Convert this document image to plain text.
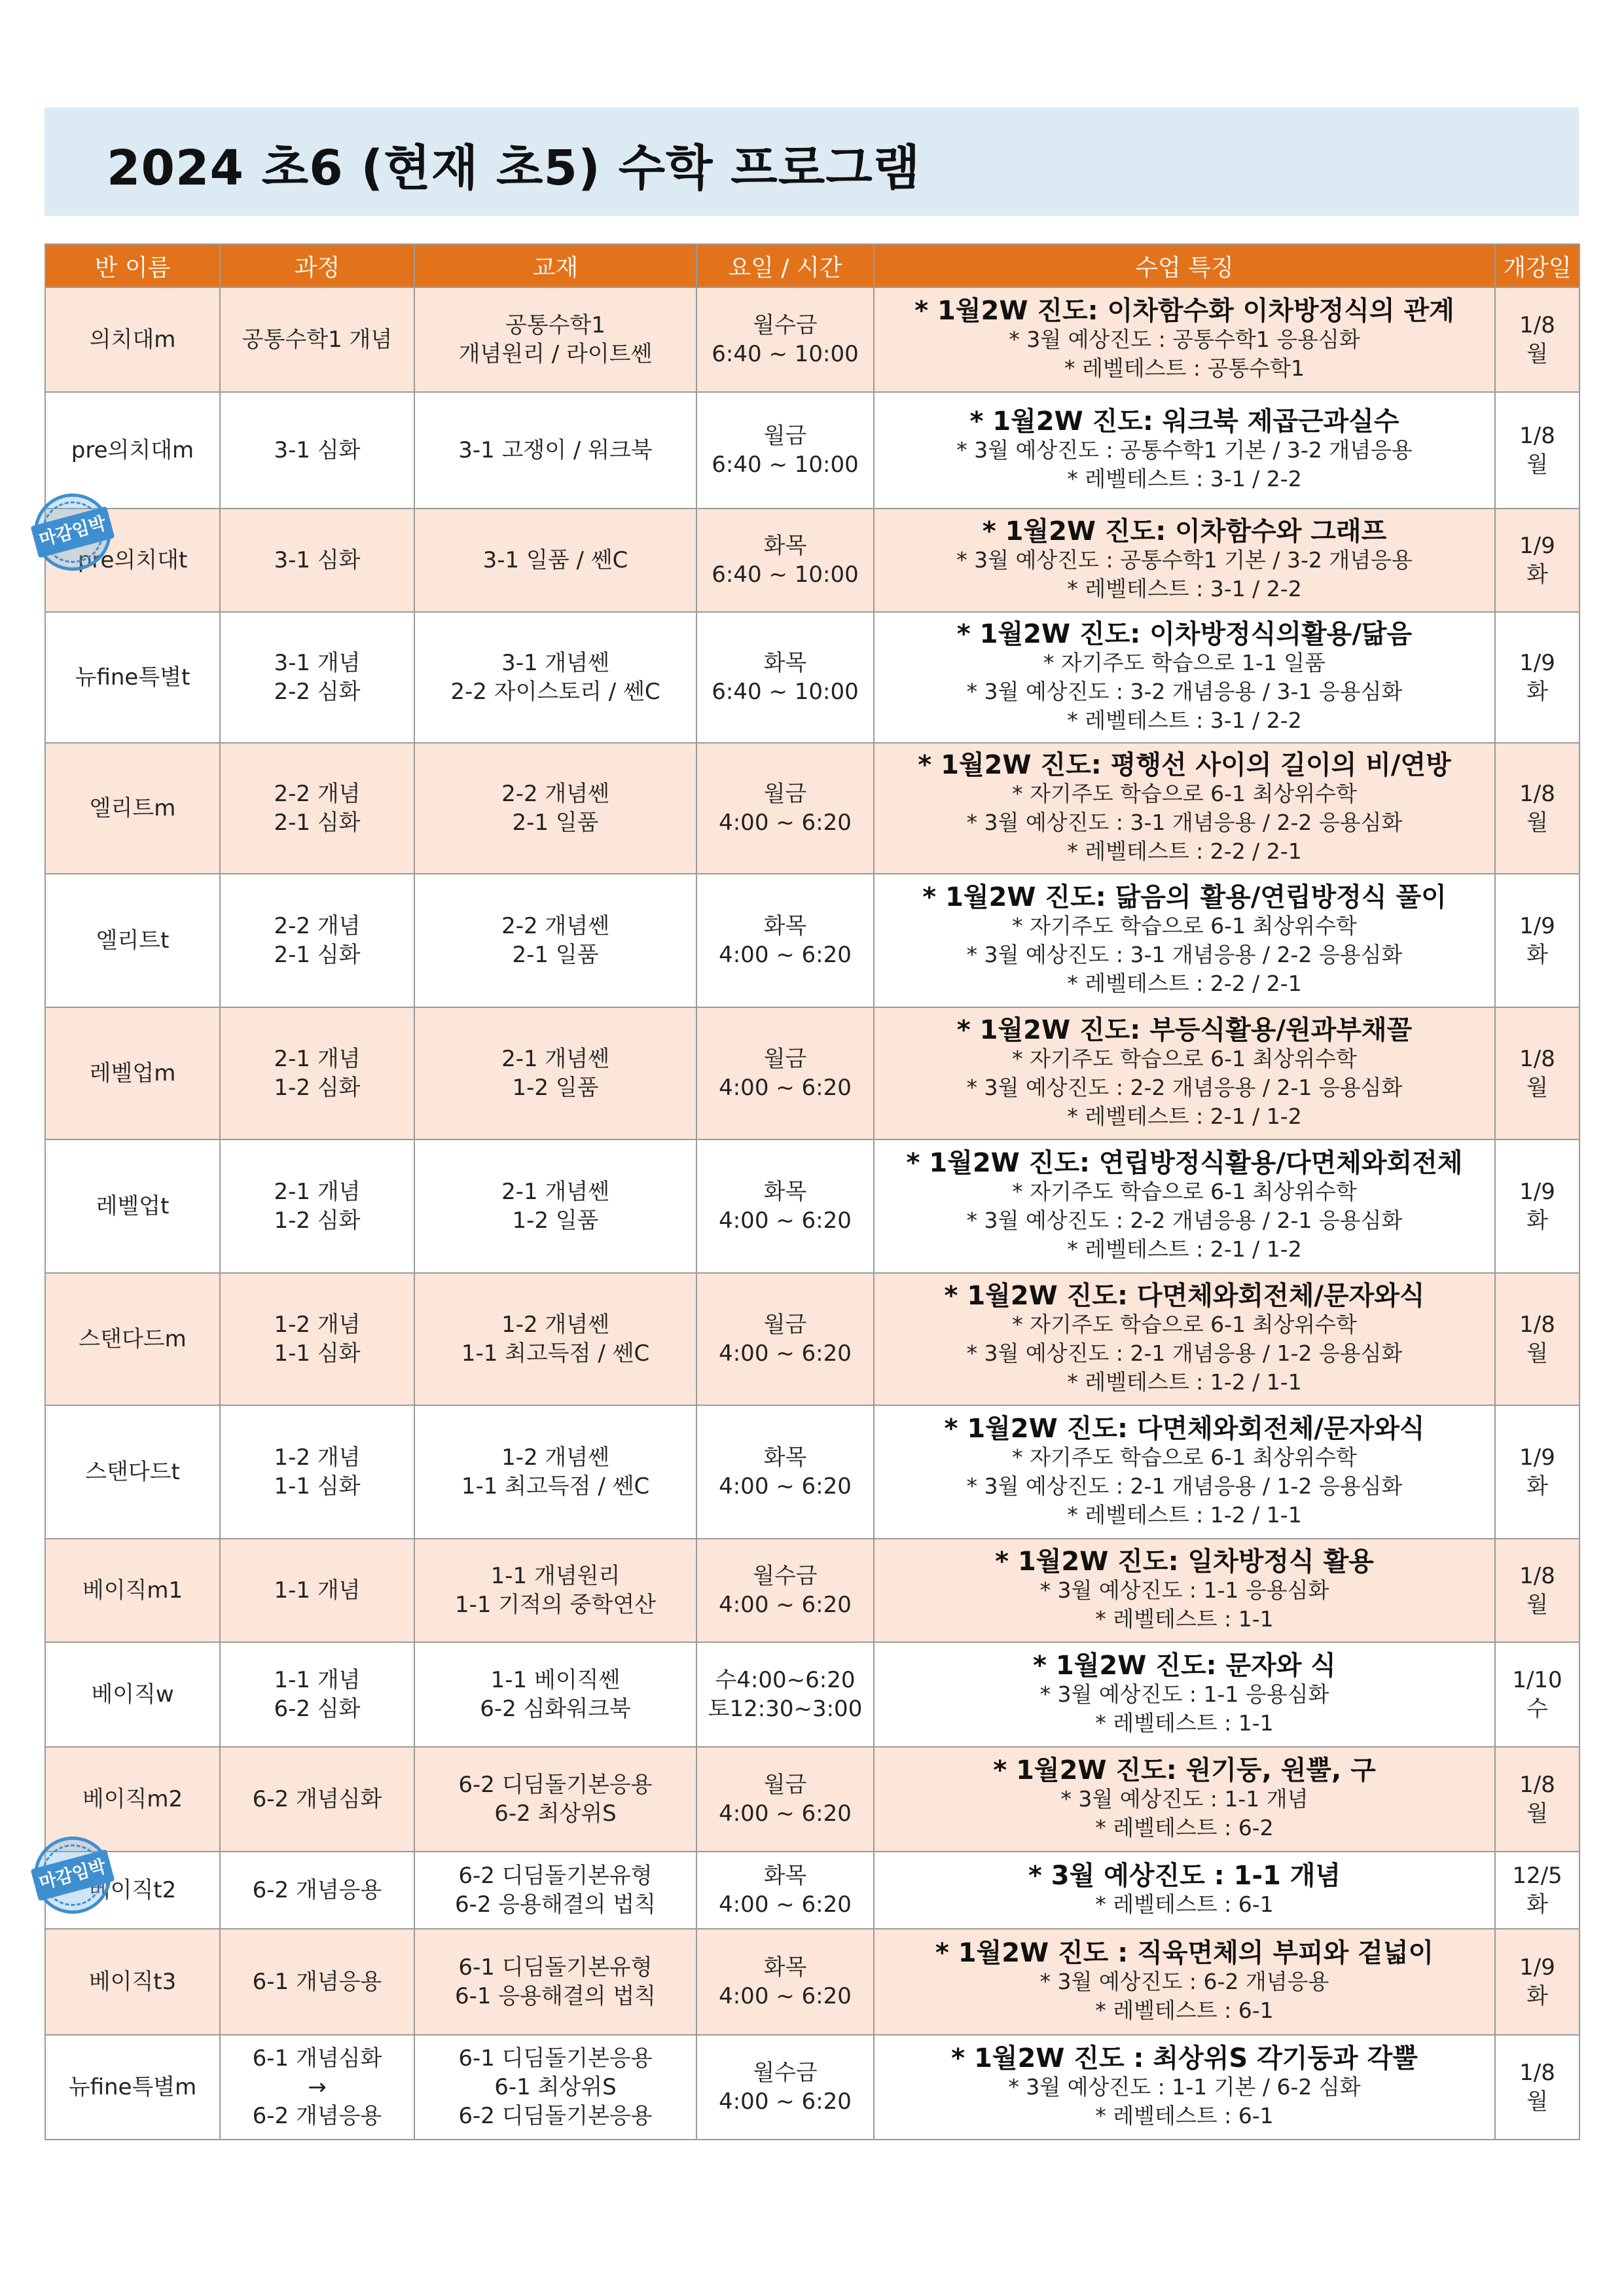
2024 초6 (현재 초5) 수학 프로그램
반 이름	과정	교재	요일 / 시간	수업 특징	개강일

의치대m	공통수학1 개념	공통수학1
개념원리 / 라이트쎈	월수금
6:40 ~ 10:00	* 1월2W 진도: 이차함수화 이차방정식의 관계
* 3월 예상진도 : 공통수학1 응용심화
* 레벨테스트 : 공통수학1	1/8
월

pre의치대m	3-1 심화	3-1 고쟁이 / 워크북	월금
6:40 ~ 10:00	* 1월2W 진도: 워크북 제곱근과실수
* 3월 예상진도 : 공통수학1 기본 / 3-2 개념응용
* 레벨테스트 : 3-1 / 2-2	1/8
월

pre의치대t
마감임박	3-1 심화	3-1 일품 / 쎈C	화목
6:40 ~ 10:00	* 1월2W 진도: 이차함수와 그래프
* 3월 예상진도 : 공통수학1 기본 / 3-2 개념응용
* 레벨테스트 : 3-1 / 2-2	1/9
화

뉴fine특별t	3-1 개념
2-2 심화	3-1 개념쎈
2-2 자이스토리 / 쎈C	화목
6:40 ~ 10:00	* 1월2W 진도: 이차방정식의활용/닮음
* 자기주도 학습으로 1-1 일품
* 3월 예상진도 : 3-2 개념응용 / 3-1 응용심화
* 레벨테스트 : 3-1 / 2-2	1/9
화

엘리트m	2-2 개념
2-1 심화	2-2 개념쎈
2-1 일품	월금
4:00 ~ 6:20	* 1월2W 진도: 평행선 사이의 길이의 비/연방
* 자기주도 학습으로 6-1 최상위수학
* 3월 예상진도 : 3-1 개념응용 / 2-2 응용심화
* 레벨테스트 : 2-2 / 2-1	1/8
월

엘리트t	2-2 개념
2-1 심화	2-2 개념쎈
2-1 일품	화목
4:00 ~ 6:20	* 1월2W 진도: 닮음의 활용/연립방정식 풀이
* 자기주도 학습으로 6-1 최상위수학
* 3월 예상진도 : 3-1 개념응용 / 2-2 응용심화
* 레벨테스트 : 2-2 / 2-1	1/9
화

레벨업m	2-1 개념
1-2 심화	2-1 개념쎈
1-2 일품	월금
4:00 ~ 6:20	* 1월2W 진도: 부등식활용/원과부채꼴
* 자기주도 학습으로 6-1 최상위수학
* 3월 예상진도 : 2-2 개념응용 / 2-1 응용심화
* 레벨테스트 : 2-1 / 1-2	1/8
월

레벨업t	2-1 개념
1-2 심화	2-1 개념쎈
1-2 일품	화목
4:00 ~ 6:20	* 1월2W 진도: 연립방정식활용/다면체와회전체
* 자기주도 학습으로 6-1 최상위수학
* 3월 예상진도 : 2-2 개념응용 / 2-1 응용심화
* 레벨테스트 : 2-1 / 1-2	1/9
화

스탠다드m	1-2 개념
1-1 심화	1-2 개념쎈
1-1 최고득점 / 쎈C	월금
4:00 ~ 6:20	* 1월2W 진도: 다면체와회전체/문자와식
* 자기주도 학습으로 6-1 최상위수학
* 3월 예상진도 : 2-1 개념응용 / 1-2 응용심화
* 레벨테스트 : 1-2 / 1-1	1/8
월

스탠다드t	1-2 개념
1-1 심화	1-2 개념쎈
1-1 최고득점 / 쎈C	화목
4:00 ~ 6:20	* 1월2W 진도: 다면체와회전체/문자와식
* 자기주도 학습으로 6-1 최상위수학
* 3월 예상진도 : 2-1 개념응용 / 1-2 응용심화
* 레벨테스트 : 1-2 / 1-1	1/9
화

베이직m1	1-1 개념	1-1 개념원리
1-1 기적의 중학연산	월수금
4:00 ~ 6:20	* 1월2W 진도: 일차방정식 활용
* 3월 예상진도 : 1-1 응용심화
* 레벨테스트 : 1-1	1/8
월

베이직w	1-1 개념
6-2 심화	1-1 베이직쎈
6-2 심화워크북	수4:00~6:20
토12:30~3:00	* 1월2W 진도: 문자와 식
* 3월 예상진도 : 1-1 응용심화
* 레벨테스트 : 1-1	1/10
수

베이직m2	6-2 개념심화	6-2 디딤돌기본응용
6-2 최상위S	월금
4:00 ~ 6:20	* 1월2W 진도: 원기둥, 원뿔, 구
* 3월 예상진도 : 1-1 개념
* 레벨테스트 : 6-2	1/8
월

베이직t2
마감임박	6-2 개념응용	6-2 디딤돌기본유형
6-2 응용해결의 법칙	화목
4:00 ~ 6:20	* 3월 예상진도 : 1-1 개념
* 레벨테스트 : 6-1	12/5
화

베이직t3	6-1 개념응용	6-1 디딤돌기본유형
6-1 응용해결의 법칙	화목
4:00 ~ 6:20	* 1월2W 진도 : 직육면체의 부피와 겉넓이
* 3월 예상진도 : 6-2 개념응용
* 레벨테스트 : 6-1	1/9
화

뉴fine특별m	6-1 개념심화
→
6-2 개념응용	6-1 디딤돌기본응용
6-1 최상위S
6-2 디딤돌기본응용	월수금
4:00 ~ 6:20	* 1월2W 진도 : 최상위S 각기둥과 각뿔
* 3월 예상진도 : 1-1 기본 / 6-2 심화
* 레벨테스트 : 6-1	1/8
월
